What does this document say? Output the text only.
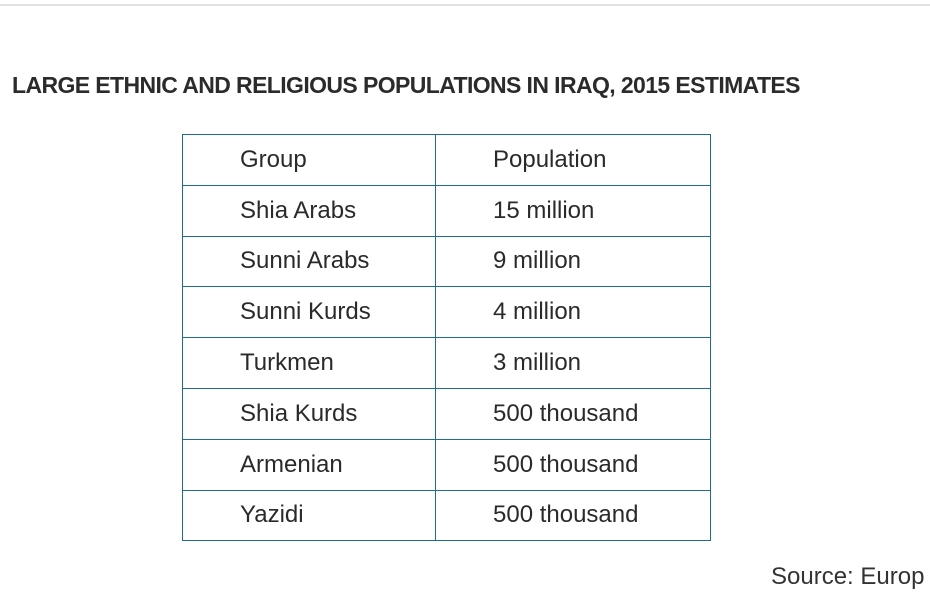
LARGE ETHNIC AND RELIGIOUS POPULATIONS IN IRAQ, 2015 ESTIMATES
Group	Population
Shia Arabs	15 million
Sunni Arabs	9 million
Sunni Kurds	4 million
Turkmen	3 million
Shia Kurds	500 thousand
Armenian	500 thousand
Yazidi	500 thousand
Source: Europ
